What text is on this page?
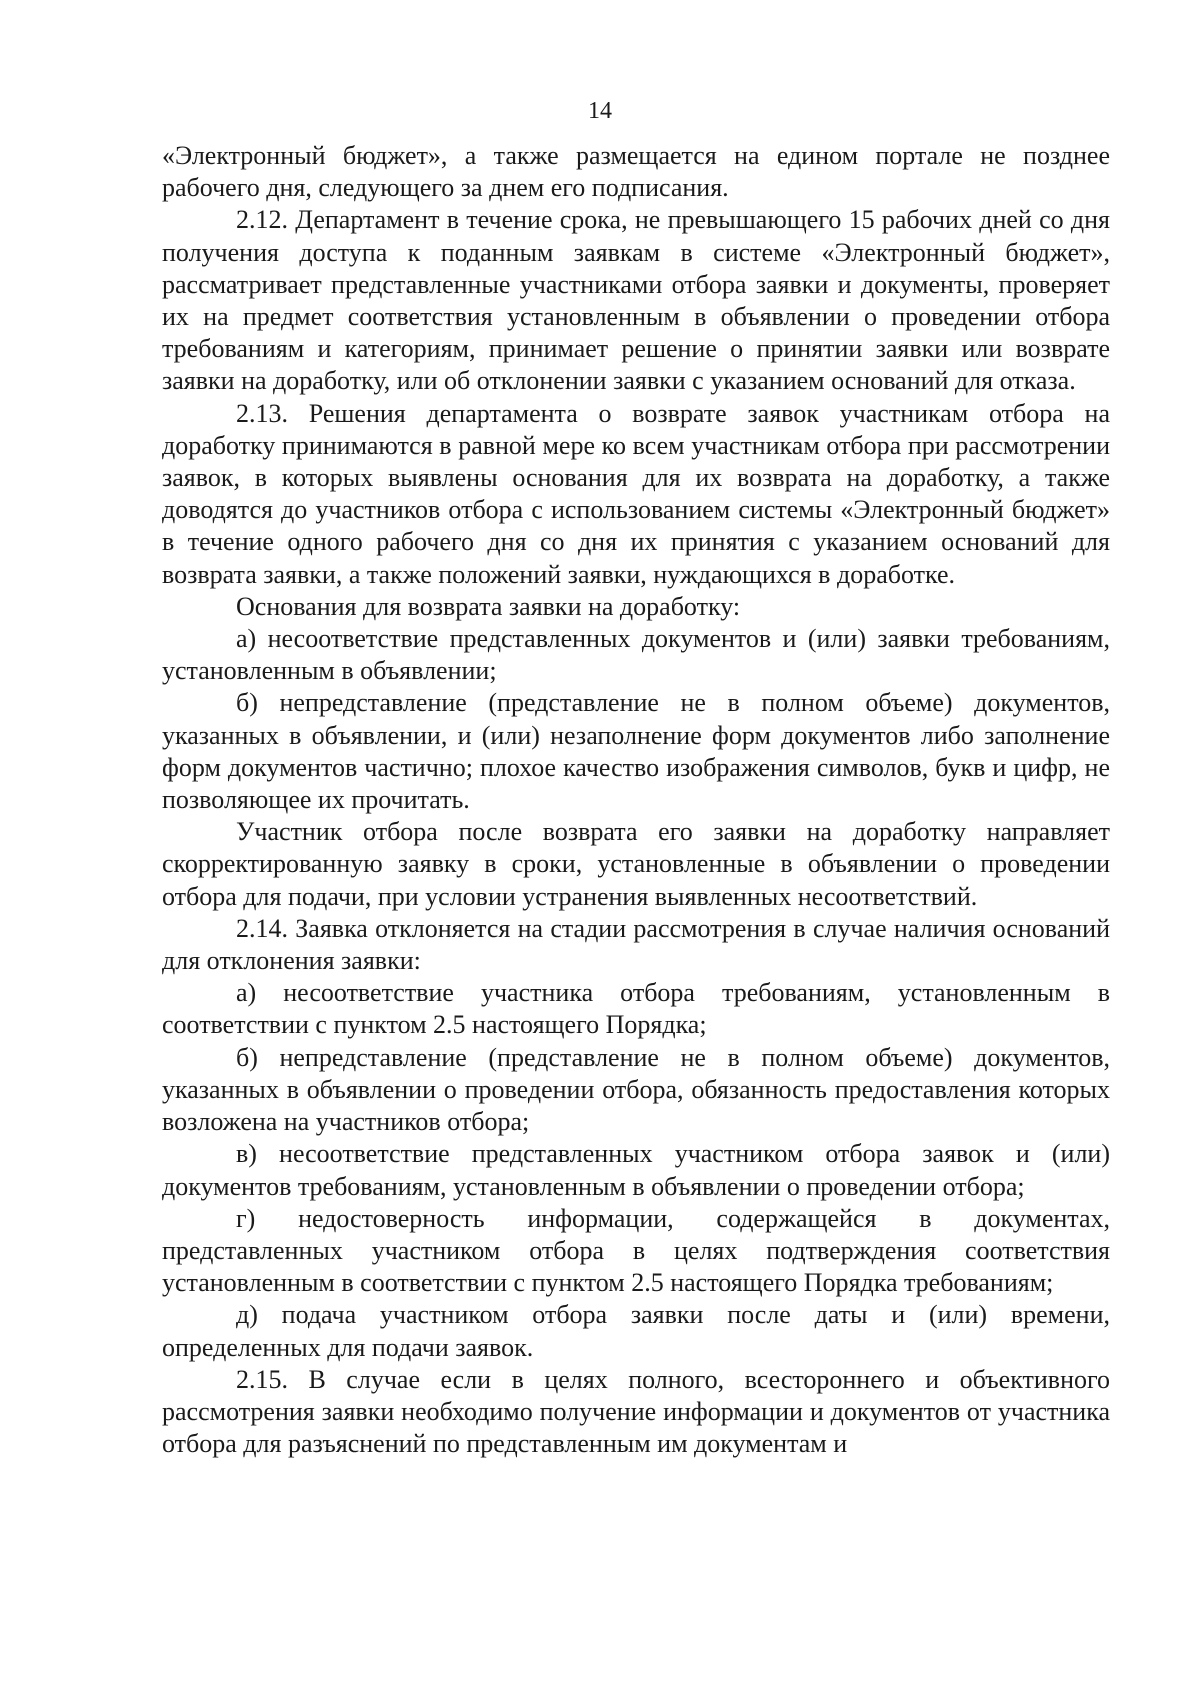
14

«Электронный бюджет», а также размещается на едином портале не позднее рабочего дня, следующего за днем его подписания.

2.12. Департамент в течение срока, не превышающего 15 рабочих дней со дня получения доступа к поданным заявкам в системе «Электронный бюджет», рассматривает представленные участниками отбора заявки и документы, проверяет их на предмет соответствия установленным в объявлении о проведении отбора требованиям и категориям, принимает решение о принятии заявки или возврате заявки на доработку, или об отклонении заявки с указанием оснований для отказа.

2.13. Решения департамента о возврате заявок участникам отбора на доработку принимаются в равной мере ко всем участникам отбора при рассмотрении заявок, в которых выявлены основания для их возврата на доработку, а также доводятся до участников отбора с использованием системы «Электронный бюджет» в течение одного рабочего дня со дня их принятия с указанием оснований для возврата заявки, а также положений заявки, нуждающихся в доработке.

Основания для возврата заявки на доработку:

а) несоответствие представленных документов и (или) заявки требованиям, установленным в объявлении;

б) непредставление (представление не в полном объеме) документов, указанных в объявлении, и (или) незаполнение форм документов либо заполнение форм документов частично; плохое качество изображения символов, букв и цифр, не позволяющее их прочитать.

Участник отбора после возврата его заявки на доработку направляет скорректированную заявку в сроки, установленные в объявлении о проведении отбора для подачи, при условии устранения выявленных несоответствий.

2.14. Заявка отклоняется на стадии рассмотрения в случае наличия оснований для отклонения заявки:

а) несоответствие участника отбора требованиям, установленным в соответствии с пунктом 2.5 настоящего Порядка;

б) непредставление (представление не в полном объеме) документов, указанных в объявлении о проведении отбора, обязанность предоставления которых возложена на участников отбора;

в) несоответствие представленных участником отбора заявок и (или) документов требованиям, установленным в объявлении о проведении отбора;

г) недостоверность информации, содержащейся в документах, представленных участником отбора в целях подтверждения соответствия установленным в соответствии с пунктом 2.5 настоящего Порядка требованиям;

д) подача участником отбора заявки после даты и (или) времени, определенных для подачи заявок.

2.15. В случае если в целях полного, всестороннего и объективного рассмотрения заявки необходимо получение информации и документов от участника отбора для разъяснений по представленным им документам и
